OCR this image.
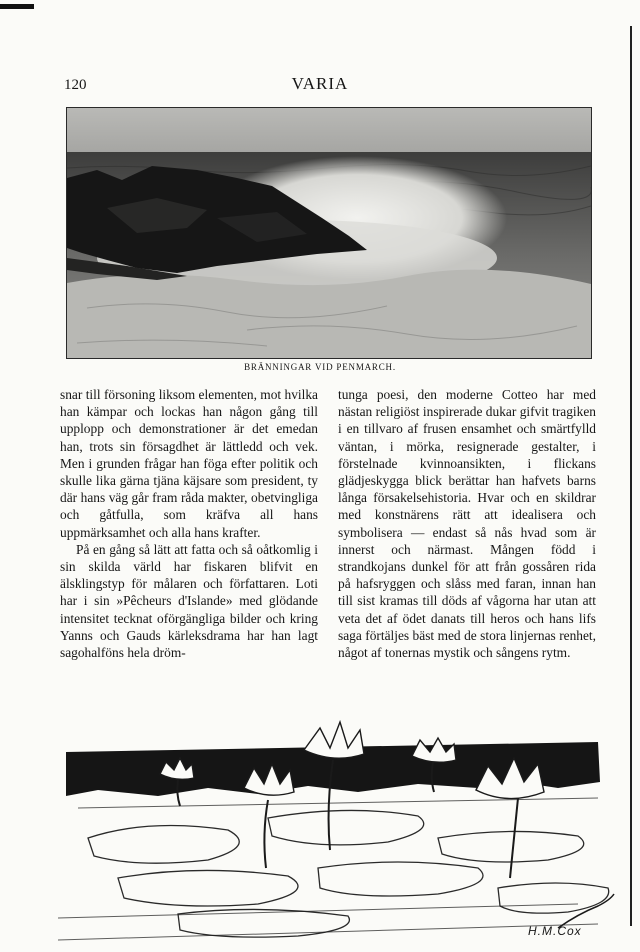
120	VARIA
BRÄNNINGAR VID PENMARCH.

snar till försoning liksom elementen, mot hvilka han kämpar och lockas han någon gång till upplopp och demonstrationer är det emedan han, trots sin försagdhet är lättledd och vek. Men i grunden frågar han föga efter politik och skulle lika gärna tjäna käjsare som president, ty där hans väg går fram råda makter, obetvingliga och gåtfulla, som kräfva all hans uppmärksamhet och alla hans krafter.

På en gång så lätt att fatta och så oåtkomlig i sin skilda värld har fiskaren blifvit en älsklingstyp för målaren och författaren. Loti har i sin »Pêcheurs d'Islande» med glödande intensitet tecknat oförgängliga bilder och kring Yanns och Gauds kärleksdrama har han lagt sagohalföns hela dröm-

tunga poesi, den moderne Cotteo har med nästan religiöst inspirerade dukar gifvit tragiken i en tillvaro af frusen ensamhet och smärtfylld väntan, i mörka, resignerade gestalter, i förstelnade kvinnoansikten, i flickans glädjeskygga blick berättar han hafvets barns långa försakelsehistoria. Hvar och en skildrar med konstnärens rätt att idealisera och symbolisera — endast så nås hvad som är innerst och närmast. Mången född i strandkojans dunkel för att från gossåren rida på hafsryggen och slåss med faran, innan han till sist kramas till döds af vågorna har utan att veta det af ödet danats till heros och hans lifs saga förtäljes bäst med de stora linjernas renhet, något af tonernas mystik och sångens rytm.

H.M.Cox
